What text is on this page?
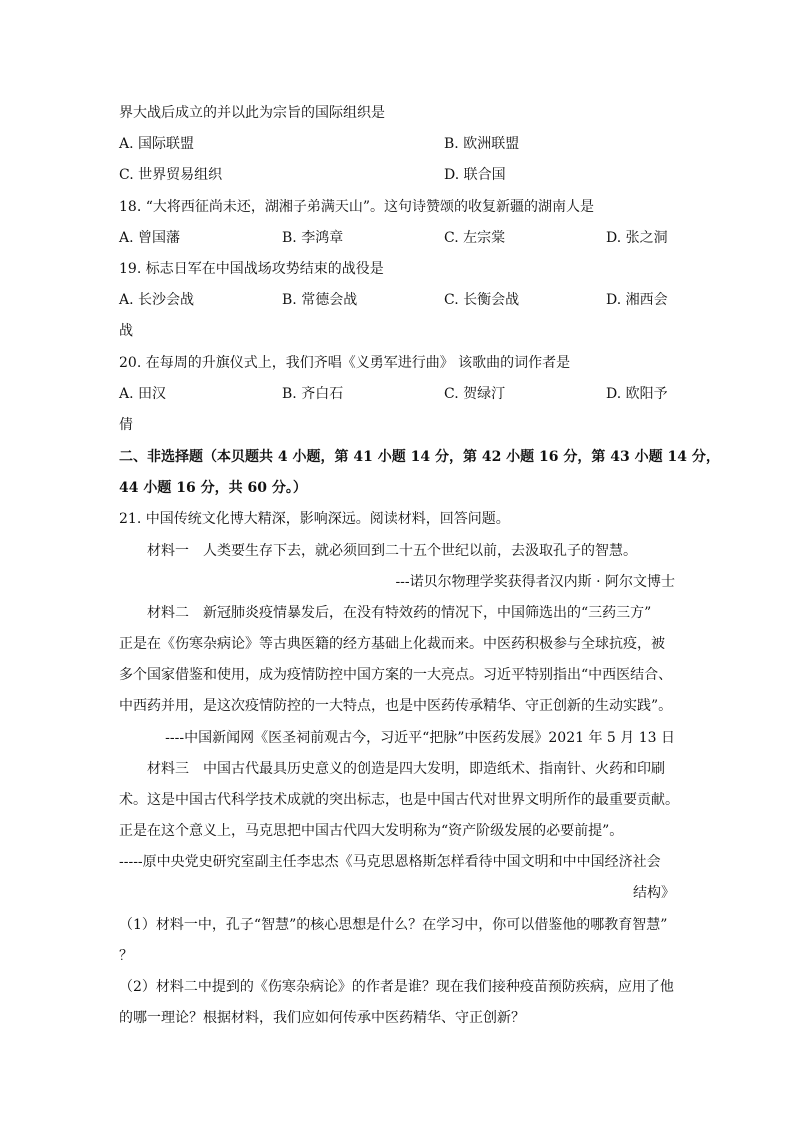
界大战后成立的并以此为宗旨的国际组织是
A. 国际联盟	B. 欧洲联盟
C. 世界贸易组织	D. 联合国
18. “大将西征尚未还，湖湘子弟满天山”。这句诗赞颂的收复新疆的湖南人是
A. 曾国藩	B. 李鸿章	C. 左宗棠	D. 张之洞
19. 标志日军在中国战场攻势结束的战役是
A. 长沙会战	B. 常德会战	C. 长衡会战	D. 湘西会
战
20. 在每周的升旗仪式上，我们齐唱《义勇军进行曲》 该歌曲的词作者是
A. 田汉	B. 齐白石	C. 贺绿汀	D. 欧阳予
倩
二、非选择题（本贝题共 4 小题，第 41 小题 14 分，第 42 小题 16 分，第 43 小题 14 分，
44 小题 16 分，共 60 分。）
21. 中国传统文化博大精深，影响深远。阅读材料，回答问题。
材料一　人类要生存下去，就必须回到二十五个世纪以前，去汲取孔子的智慧。
---诺贝尔物理学奖获得者汉内斯 · 阿尔文博士
材料二　新冠肺炎疫情暴发后，在没有特效药的情况下，中国筛选出的“三药三方”
正是在《伤寒杂病论》等古典医籍的经方基础上化裁而来。中医药积极参与全球抗疫，被
多个国家借鉴和使用，成为疫情防控中国方案的一大亮点。习近平特别指出“中西医结合、
中西药并用，是这次疫情防控的一大特点，也是中医药传承精华、守正创新的生动实践”。
----中国新闻网《医圣祠前观古今，习近平“把脉”中医药发展》2021 年 5 月 13 日
材料三　中国古代最具历史意义的创造是四大发明，即造纸术、指南针、火药和印刷
术。这是中国古代科学技术成就的突出标志，也是中国古代对世界文明所作的最重要贡献。
正是在这个意义上，马克思把中国古代四大发明称为“资产阶级发展的必要前提”。
-----原中央党史研究室副主任李忠杰《马克思恩格斯怎样看待中国文明和中中国经济社会
结构》
（1）材料一中，孔子“智慧”的核心思想是什么？在学习中，你可以借鉴他的哪教育智慧”
？
（2）材料二中提到的《伤寒杂病论》的作者是谁？现在我们接种疫苗预防疾病，应用了他
的哪一理论？根据材料，我们应如何传承中医药精华、守正创新？
